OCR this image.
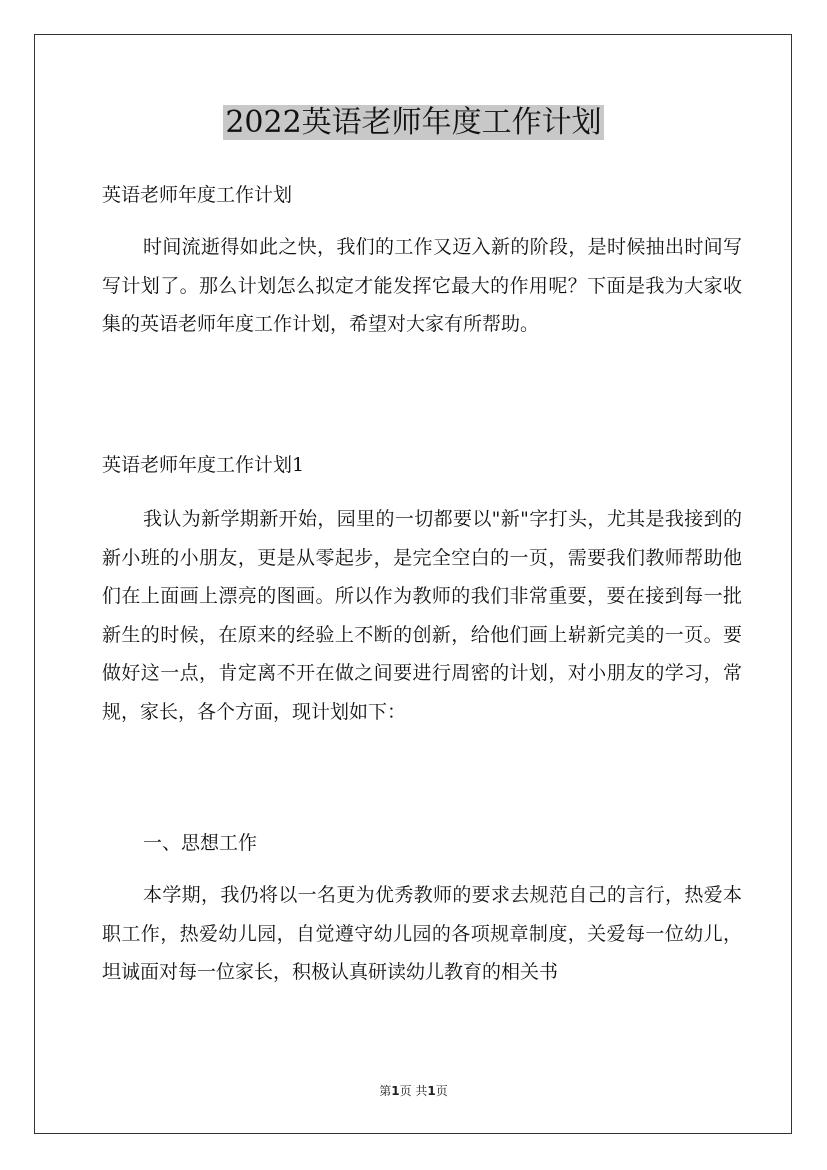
2022英语老师年度工作计划

英语老师年度工作计划

时间流逝得如此之快，我们的工作又迈入新的阶段，是时候抽出时间写写计划了。那么计划怎么拟定才能发挥它最大的作用呢？下面是我为大家收集的英语老师年度工作计划，希望对大家有所帮助。

英语老师年度工作计划1

我认为新学期新开始，园里的一切都要以"新"字打头，尤其是我接到的新小班的小朋友，更是从零起步，是完全空白的一页，需要我们教师帮助他们在上面画上漂亮的图画。所以作为教师的我们非常重要，要在接到每一批新生的时候，在原来的经验上不断的创新，给他们画上崭新完美的一页。要做好这一点，肯定离不开在做之间要进行周密的计划，对小朋友的学习，常规，家长，各个方面，现计划如下：

一、思想工作

本学期，我仍将以一名更为优秀教师的要求去规范自己的言行，热爱本职工作，热爱幼儿园，自觉遵守幼儿园的各项规章制度，关爱每一位幼儿，坦诚面对每一位家长，积极认真研读幼儿教育的相关书

第1页 共1页
